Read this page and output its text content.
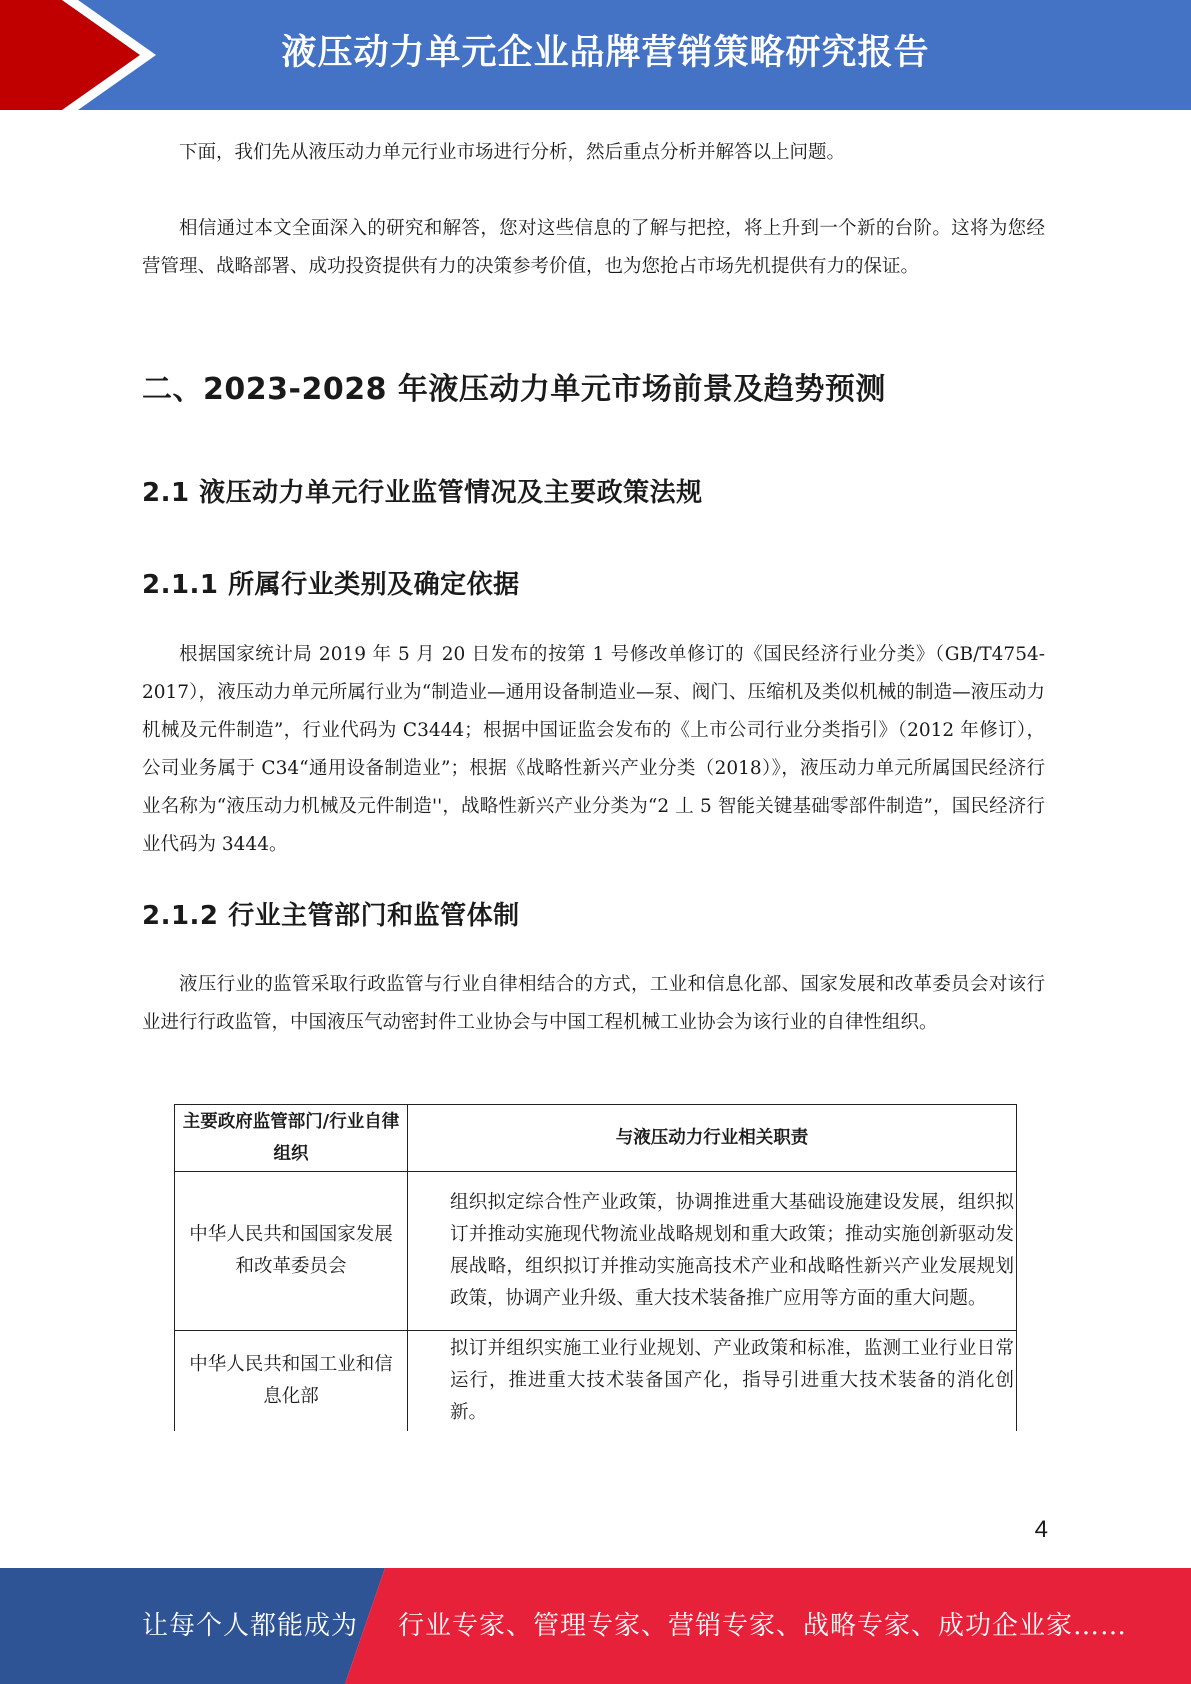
液压动力单元企业品牌营销策略研究报告

下面，我们先从液压动力单元行业市场进行分析，然后重点分析并解答以上问题。

相信通过本文全面深入的研究和解答，您对这些信息的了解与把控，将上升到一个新的台阶。这将为您经营管理、战略部署、成功投资提供有力的决策参考价值，也为您抢占市场先机提供有力的保证。

二、2023-2028 年液压动力单元市场前景及趋势预测
2.1 液压动力单元行业监管情况及主要政策法规
2.1.1 所属行业类别及确定依据

根据国家统计局 2019 年 5 月 20 日发布的按第 1 号修改单修订的《国民经济行业分类》（GB/T4754-2017），液压动力单元所属行业为“制造业—通用设备制造业—泵、阀门、压缩机及类似机械的制造—液压动力机械及元件制造”，行业代码为 C3444；根据中国证监会发布的《上市公司行业分类指引》（2012 年修订），公司业务属于 C34“通用设备制造业”；根据《战略性新兴产业分类（2018）》，液压动力单元所属国民经济行业名称为“液压动力机械及元件制造''，战略性新兴产业分类为“2 丄 5 智能关键基础零部件制造”，国民经济行业代码为 3444。

2.1.2 行业主管部门和监管体制

液压行业的监管采取行政监管与行业自律相结合的方式，工业和信息化部、国家发展和改革委员会对该行业进行行政监管，中国液压气动密封件工业协会与中国工程机械工业协会为该行业的自律性组织。

主要政府监管部门/行业自律组织	与液压动力行业相关职责
中华人民共和国国家发展和改革委员会	组织拟定综合性产业政策，协调推进重大基础设施建设发展，组织拟订并推动实施现代物流业战略规划和重大政策；推动实施创新驱动发展战略，组织拟订并推动实施高技术产业和战略性新兴产业发展规划政策，协调产业升级、重大技术装备推广应用等方面的重大问题。
中华人民共和国工业和信息化部	拟订并组织实施工业行业规划、产业政策和标准，监测工业行业日常运行，推进重大技术装备国产化，指导引进重大技术装备的消化创新。
4
让每个人都能成为 行业专家、管理专家、营销专家、战略专家、成功企业家……
